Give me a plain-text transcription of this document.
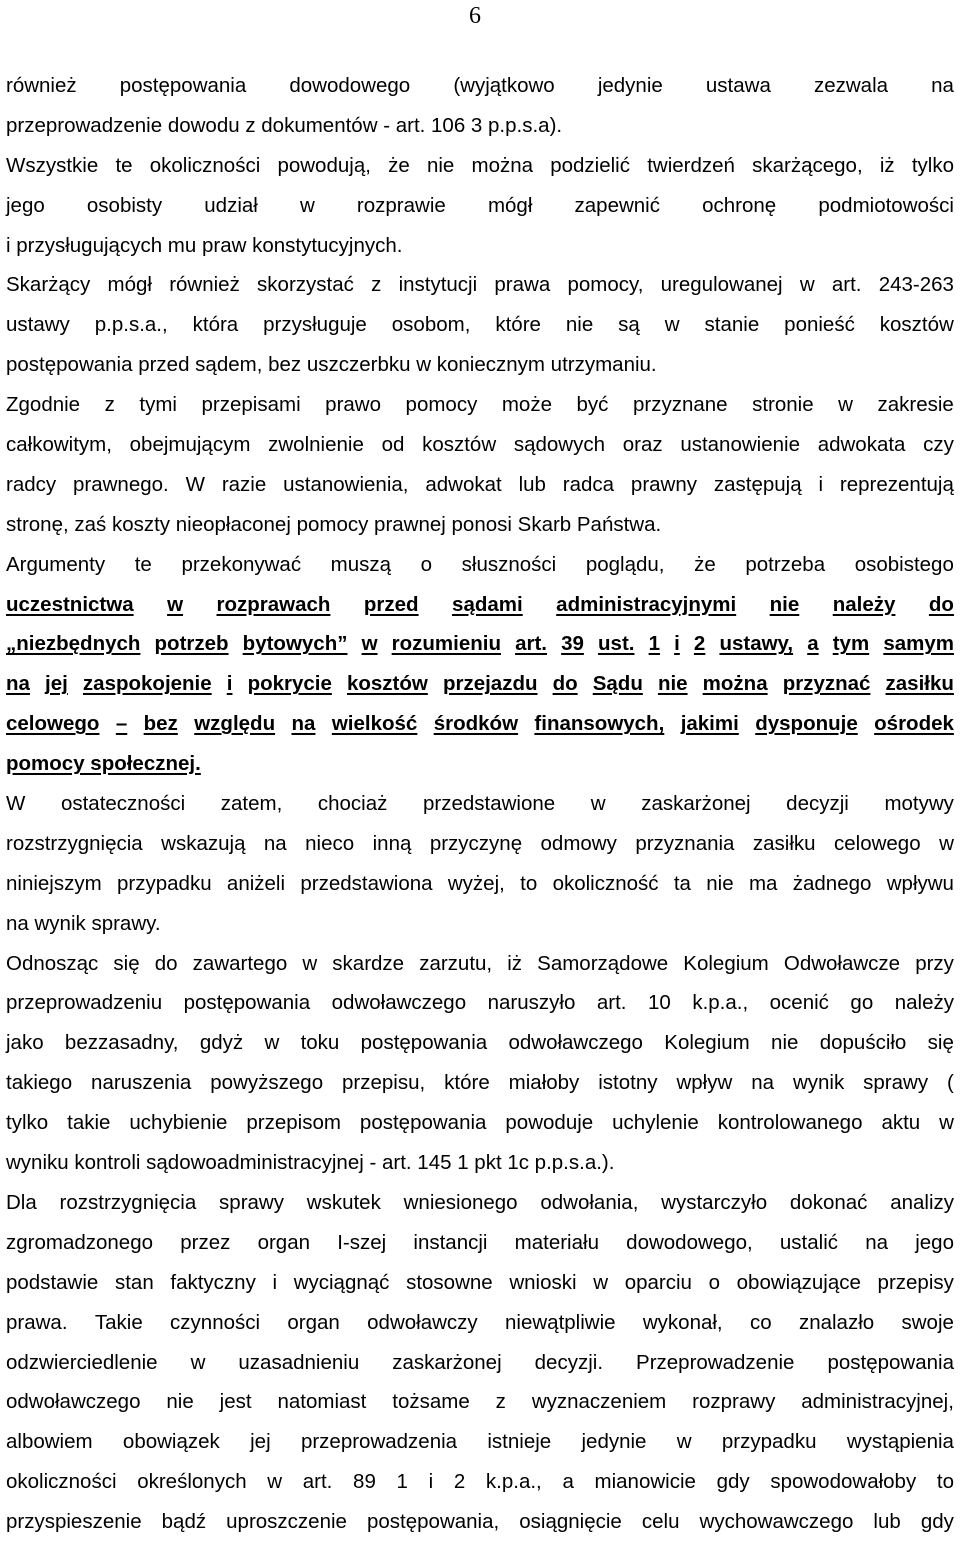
6
również postępowania dowodowego (wyjątkowo jedynie ustawa zezwala na
przeprowadzenie dowodu z dokumentów - art. 106 3 p.p.s.a).
Wszystkie te okoliczności powodują, że nie można podzielić twierdzeń skarżącego, iż tylko
jego osobisty udział w rozprawie mógł zapewnić ochronę podmiotowości
i przysługujących mu praw konstytucyjnych.
Skarżący mógł również skorzystać z instytucji prawa pomocy, uregulowanej w art. 243-263
ustawy p.p.s.a., która przysługuje osobom, które nie są w stanie ponieść kosztów
postępowania przed sądem, bez uszczerbku w koniecznym utrzymaniu.
Zgodnie z tymi przepisami prawo pomocy może być przyznane stronie w zakresie
całkowitym, obejmującym zwolnienie od kosztów sądowych oraz ustanowienie adwokata czy
radcy prawnego. W razie ustanowienia, adwokat lub radca prawny zastępują i reprezentują
stronę, zaś koszty nieopłaconej pomocy prawnej ponosi Skarb Państwa.
Argumenty te przekonywać muszą o słuszności poglądu, że potrzeba osobistego
uczestnictwa w rozprawach przed sądami administracyjnymi nie należy do
„niezbędnych potrzeb bytowych” w rozumieniu art. 39 ust. 1 i 2 ustawy, a tym samym
na jej zaspokojenie i pokrycie kosztów przejazdu do Sądu nie można przyznać zasiłku
celowego – bez względu na wielkość środków finansowych, jakimi dysponuje ośrodek
pomocy społecznej.
W ostateczności zatem, chociaż przedstawione w zaskarżonej decyzji motywy
rozstrzygnięcia wskazują na nieco inną przyczynę odmowy przyznania zasiłku celowego w
niniejszym przypadku aniżeli przedstawiona wyżej, to okoliczność ta nie ma żadnego wpływu
na wynik sprawy.
Odnosząc się do zawartego w skardze zarzutu, iż Samorządowe Kolegium Odwoławcze przy
przeprowadzeniu postępowania odwoławczego naruszyło art. 10 k.p.a., ocenić go należy
jako bezzasadny, gdyż w toku postępowania odwoławczego Kolegium nie dopuściło się
takiego naruszenia powyższego przepisu, które miałoby istotny wpływ na wynik sprawy (
tylko takie uchybienie przepisom postępowania powoduje uchylenie kontrolowanego aktu w
wyniku kontroli sądowoadministracyjnej - art. 145 1 pkt 1c p.p.s.a.).
Dla rozstrzygnięcia sprawy wskutek wniesionego odwołania, wystarczyło dokonać analizy
zgromadzonego przez organ I-szej instancji materiału dowodowego, ustalić na jego
podstawie stan faktyczny i wyciągnąć stosowne wnioski w oparciu o obowiązujące przepisy
prawa. Takie czynności organ odwoławczy niewątpliwie wykonał, co znalazło swoje
odzwierciedlenie w uzasadnieniu zaskarżonej decyzji. Przeprowadzenie postępowania
odwoławczego nie jest natomiast tożsame z wyznaczeniem rozprawy administracyjnej,
albowiem obowiązek jej przeprowadzenia istnieje jedynie w przypadku wystąpienia
okoliczności określonych w art. 89 1 i 2 k.p.a., a mianowicie gdy spowodowałoby to
przyspieszenie bądź uproszczenie postępowania, osiągnięcie celu wychowawczego lub gdy
